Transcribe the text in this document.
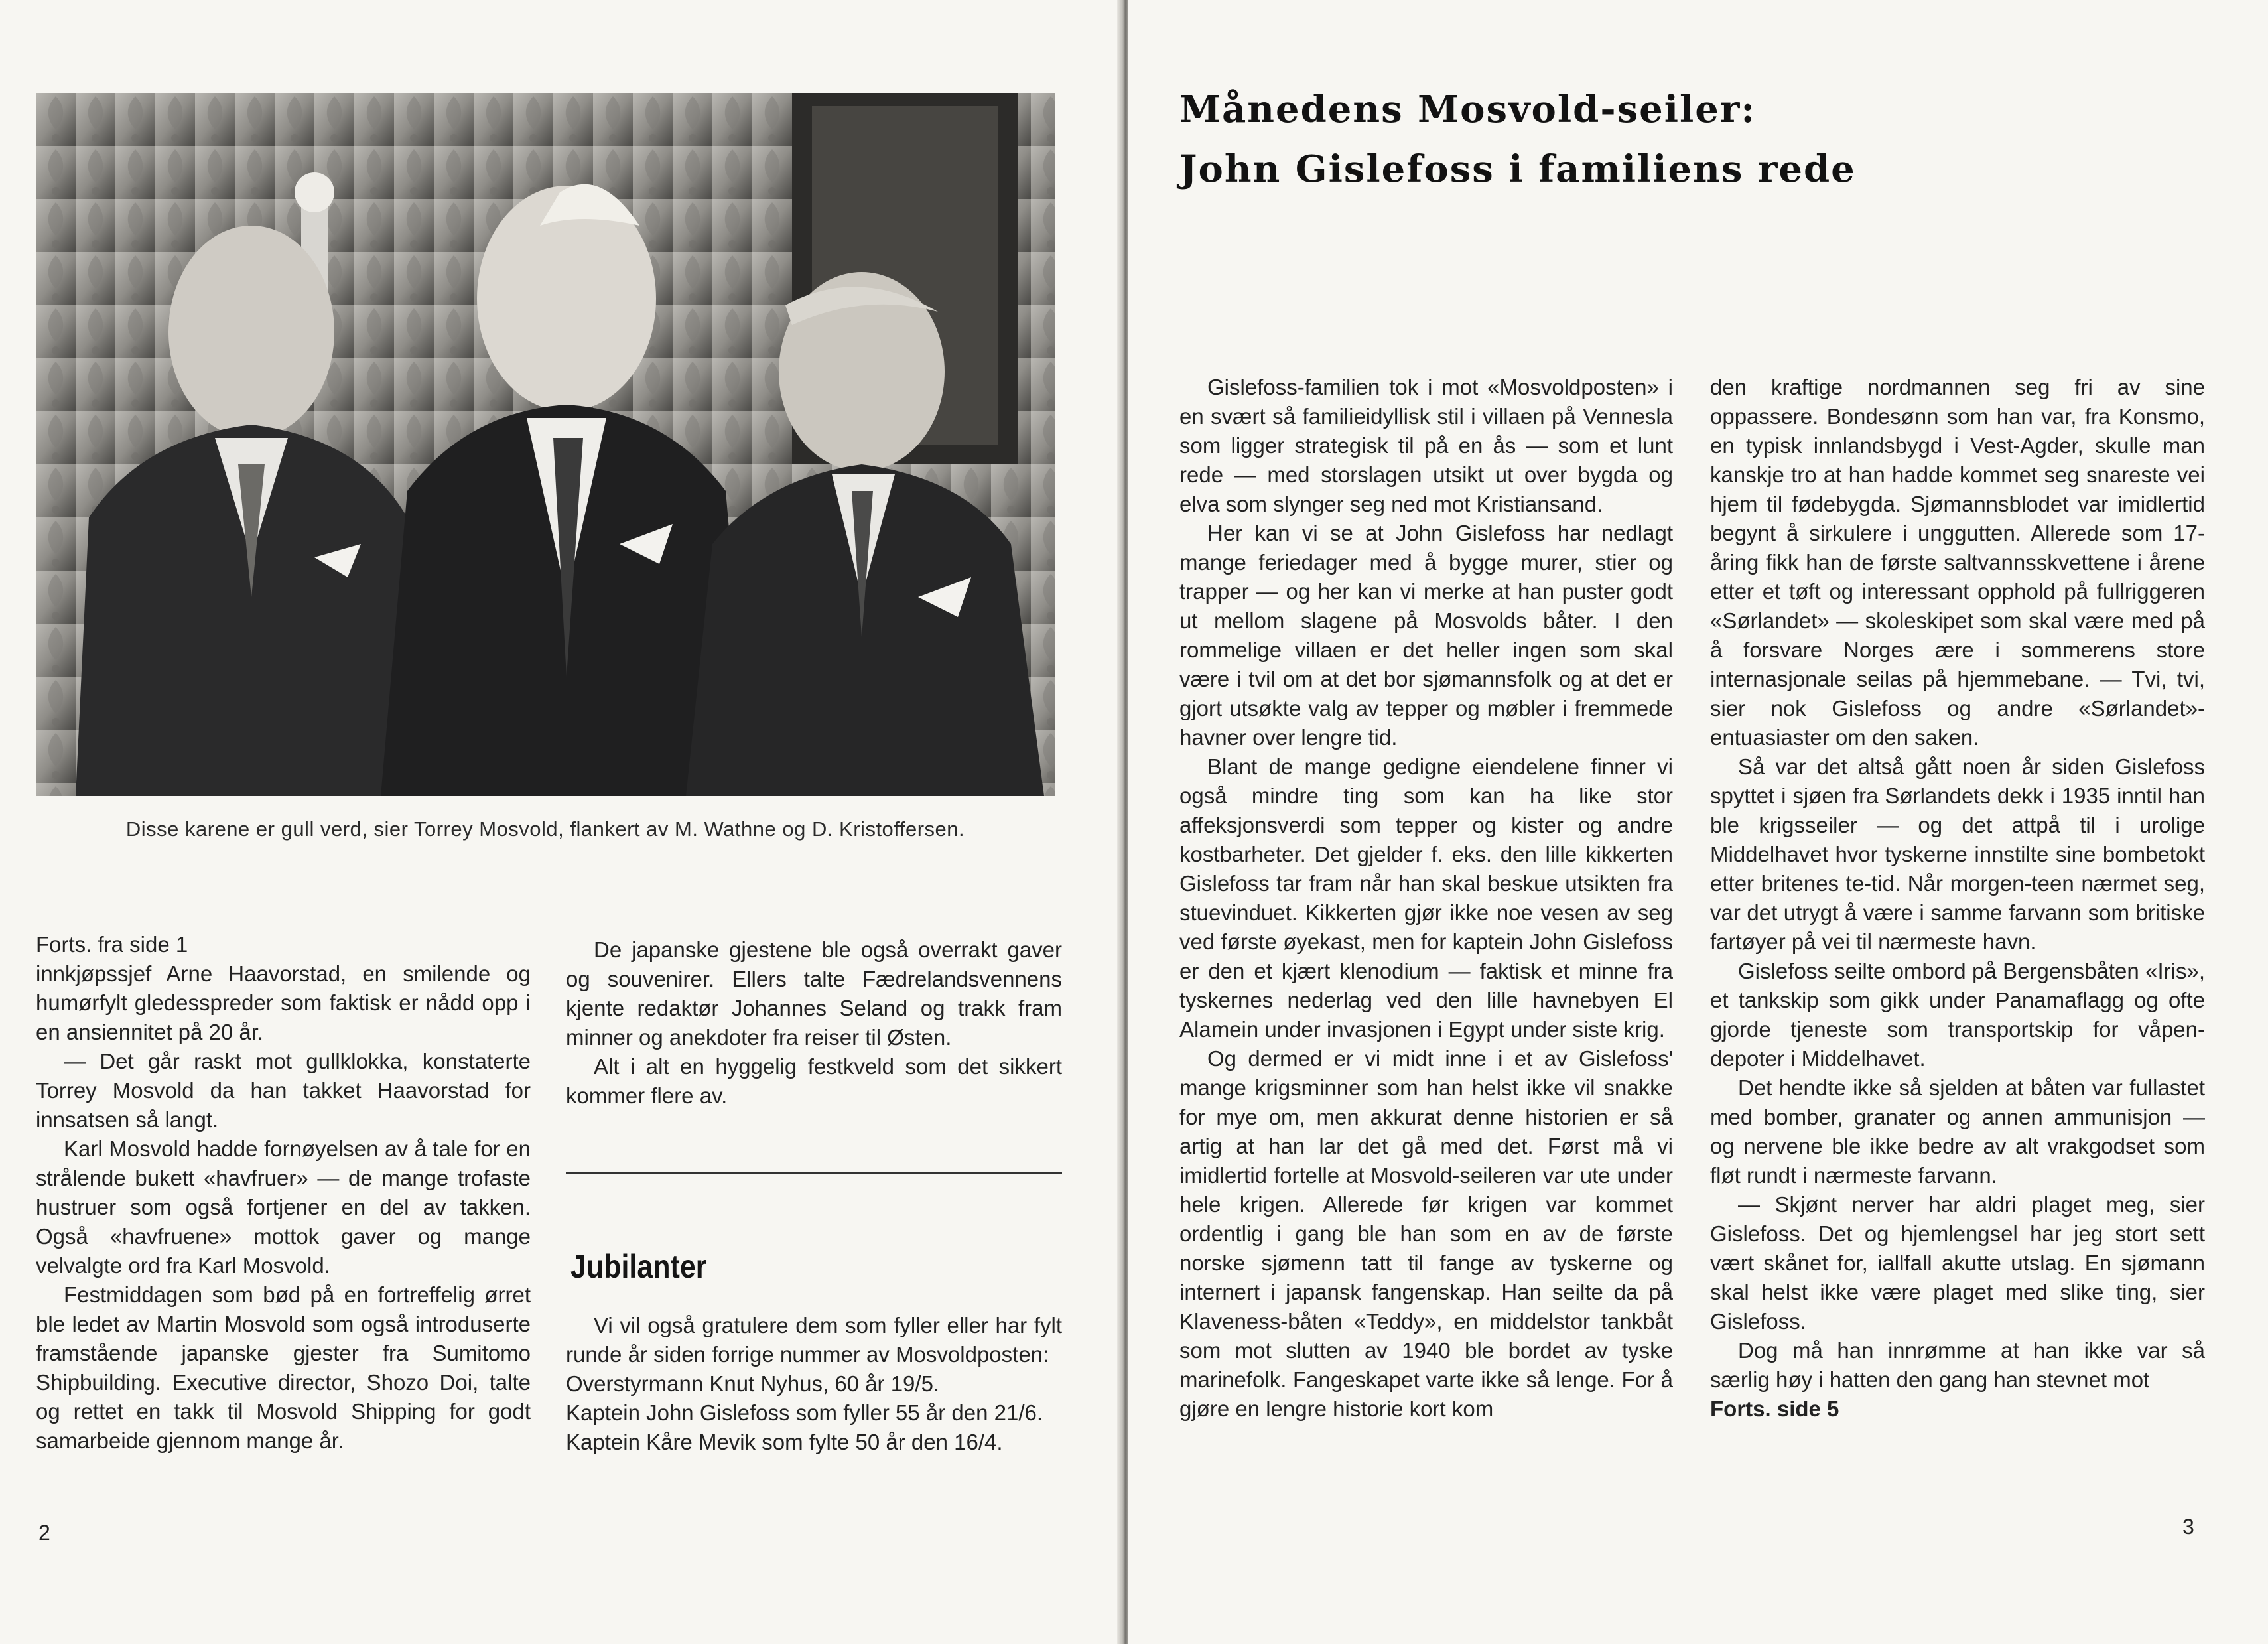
Disse karene er gull verd, sier Torrey Mosvold, flankert av M. Wathne og D. Kristoffersen.

Forts. fra side 1

innkjøpssjef Arne Haavorstad, en smilende og humørfylt gledesspreder som faktisk er nådd opp i en ansiennitet på 20 år.

— Det går raskt mot gullklokka, konstaterte Torrey Mosvold da han takket Haavorstad for innsatsen så langt.

Karl Mosvold hadde fornøyelsen av å tale for en strålende bukett «havfruer» — de mange trofaste hustruer som også fortjener en del av takken. Også «havfruene» mottok gaver og mange velvalgte ord fra Karl Mosvold.

Festmiddagen som bød på en fortreffelig ørret ble ledet av Martin Mosvold som også introduserte framstående japanske gjester fra Sumitomo Shipbuilding. Executive director, Shozo Doi, talte og rettet en takk til Mosvold Shipping for godt samarbeide gjennom mange år.

De japanske gjestene ble også overrakt gaver og souvenirer. Ellers talte Fædrelandsvennens kjente redaktør Johannes Seland og trakk fram minner og anekdoter fra reiser til Østen.

Alt i alt en hyggelig festkveld som det sikkert kommer flere av.

Jubilanter

Vi vil også gratulere dem som fyller eller har fylt runde år siden forrige nummer av Mosvoldposten:

Overstyrmann Knut Nyhus, 60 år 19/5.

Kaptein John Gislefoss som fyller 55 år den 21/6.

Kaptein Kåre Mevik som fylte 50 år den 16/4.

2
Månedens Mosvold-seiler:
John Gislefoss i familiens rede

Gislefoss-familien tok i mot «Mosvoldposten» i en svært så familieidyllisk stil i villaen på Vennesla som ligger strategisk til på en ås — som et lunt rede — med storslagen utsikt ut over bygda og elva som slynger seg ned mot Kristiansand.

Her kan vi se at John Gislefoss har nedlagt mange feriedager med å bygge murer, stier og trapper — og her kan vi merke at han puster godt ut mellom slagene på Mosvolds båter. I den rommelige villaen er det heller ingen som skal være i tvil om at det bor sjømannsfolk og at det er gjort utsøkte valg av tepper og møbler i fremmede havner over lengre tid.

Blant de mange gedigne eiendelene finner vi også mindre ting som kan ha like stor affeksjonsverdi som tepper og kister og andre kostbarheter. Det gjelder f. eks. den lille kikkerten Gislefoss tar fram når han skal beskue utsikten fra stuevinduet. Kikkerten gjør ikke noe vesen av seg ved første øyekast, men for kaptein John Gislefoss er den et kjært klenodium — faktisk et minne fra tyskernes nederlag ved den lille havnebyen El Alamein under invasjonen i Egypt under siste krig.

Og dermed er vi midt inne i et av Gislefoss' mange krigsminner som han helst ikke vil snakke for mye om, men akkurat denne historien er så artig at han lar det gå med det. Først må vi imidlertid fortelle at Mosvold-seileren var ute under hele krigen. Allerede før krigen var kommet ordentlig i gang ble han som en av de første norske sjømenn tatt til fange av tyskerne og internert i japansk fangenskap. Han seilte da på Klaveness-båten «Teddy», en middelstor tankbåt som mot slutten av 1940 ble bordet av tyske marinefolk. Fangeskapet varte ikke så lenge. For å gjøre en lengre historie kort kom

den kraftige nordmannen seg fri av sine oppassere. Bondesønn som han var, fra Konsmo, en typisk innlandsbygd i Vest-Agder, skulle man kanskje tro at han hadde kommet seg snareste vei hjem til fødebygda. Sjømannsblodet var imidlertid begynt å sirkulere i unggutten. Allerede som 17-åring fikk han de første saltvannsskvettene i årene etter et tøft og interessant opphold på fullriggeren «Sørlandet» — skoleskipet som skal være med på å forsvare Norges ære i sommerens store internasjonale seilas på hjemmebane. — Tvi, tvi, sier nok Gislefoss og andre «Sørlandet»-entuasiaster om den saken.

Så var det altså gått noen år siden Gislefoss spyttet i sjøen fra Sørlandets dekk i 1935 inntil han ble krigsseiler — og det attpå til i urolige Middelhavet hvor tyskerne innstilte sine bombetokt etter britenes te-tid. Når morgen-teen nærmet seg, var det utrygt å være i samme farvann som britiske fartøyer på vei til nærmeste havn.

Gislefoss seilte ombord på Bergensbåten «Iris», et tankskip som gikk under Panamaflagg og ofte gjorde tjeneste som transportskip for våpen-depoter i Middelhavet.

Det hendte ikke så sjelden at båten var fullastet med bomber, granater og annen ammunisjon — og nervene ble ikke bedre av alt vrakgodset som fløt rundt i nærmeste farvann.

— Skjønt nerver har aldri plaget meg, sier Gislefoss. Det og hjemlengsel har jeg stort sett vært skånet for, iallfall akutte utslag. En sjømann skal helst ikke være plaget med slike ting, sier Gislefoss.

Dog må han innrømme at han ikke var så særlig høy i hatten den gang han stevnet mot

Forts. side 5

3
